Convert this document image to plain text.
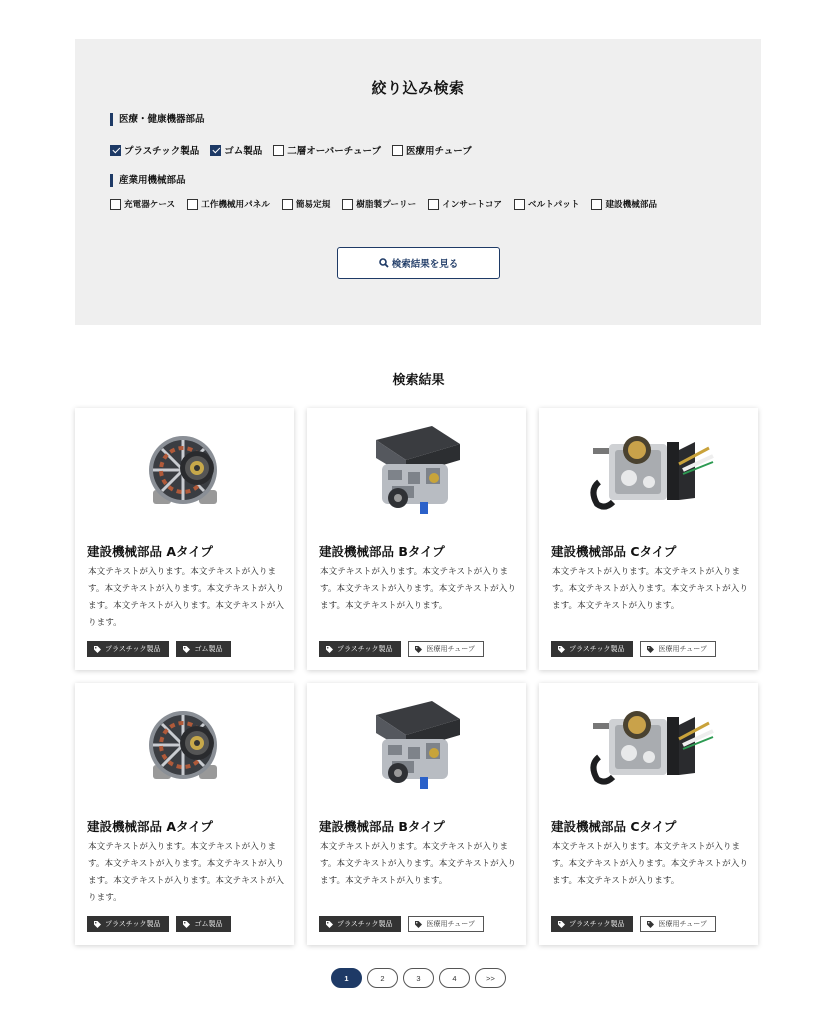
絞り込み検索
医療・健康機器部品
プラスチック製品	ゴム製品	二層オーバーチューブ	医療用チューブ
産業用機械部品
充電器ケース	工作機械用パネル	簡易定規	樹脂製プーリー	インサートコア	ベルトパット	建設機械部品
検索結果を見る
検索結果
建設機械部品 Aタイプ
本文テキストが入ります。本文テキストが入ります。本文テキストが入ります。本文テキストが入ります。本文テキストが入ります。本文テキストが入ります。
プラスチック製品	ゴム製品
建設機械部品 Bタイプ
本文テキストが入ります。本文テキストが入ります。本文テキストが入ります。本文テキストが入ります。本文テキストが入ります。
プラスチック製品	医療用チューブ
建設機械部品 Cタイプ
本文テキストが入ります。本文テキストが入ります。本文テキストが入ります。本文テキストが入ります。本文テキストが入ります。
プラスチック製品	医療用チューブ
建設機械部品 Aタイプ
本文テキストが入ります。本文テキストが入ります。本文テキストが入ります。本文テキストが入ります。本文テキストが入ります。本文テキストが入ります。
プラスチック製品	ゴム製品
建設機械部品 Bタイプ
本文テキストが入ります。本文テキストが入ります。本文テキストが入ります。本文テキストが入ります。本文テキストが入ります。
プラスチック製品	医療用チューブ
建設機械部品 Cタイプ
本文テキストが入ります。本文テキストが入ります。本文テキストが入ります。本文テキストが入ります。本文テキストが入ります。
プラスチック製品	医療用チューブ
1	2	3	4	>>
